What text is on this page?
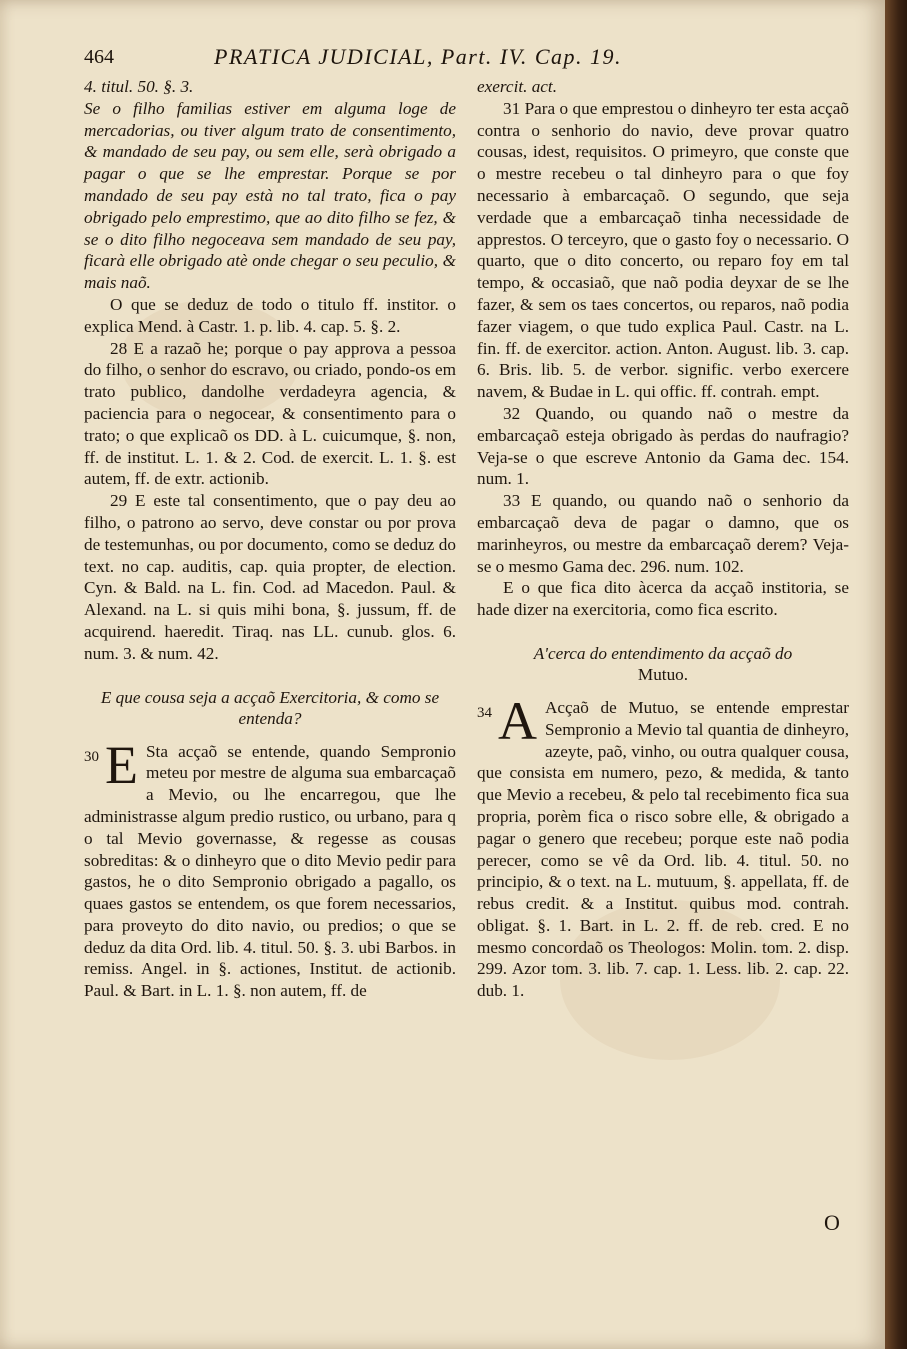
464	PRATICA JUDICIAL, Part. IV. Cap. 19.

4. titul. 50. §. 3.

Se o filho familias estiver em alguma loge de mercadorias, ou tiver algum trato de consentimento, & mandado de seu pay, ou sem elle, serà obrigado a pagar o que se lhe emprestar. Porque se por mandado de seu pay està no tal trato, fica o pay obrigado pelo emprestimo, que ao dito filho se fez, & se o dito filho negoceava sem mandado de seu pay, ficarà elle obrigado atè onde chegar o seu peculio, & mais naõ.

O que se deduz de todo o titulo ff. institor. o explica Mend. à Castr. 1. p. lib. 4. cap. 5. §. 2.

28 E a razaõ he; porque o pay approva a pessoa do filho, o senhor do escravo, ou criado, pondo-os em trato publico, dandolhe verdadeyra agencia, & paciencia para o negocear, & consentimento para o trato; o que explicaõ os DD. à L. cuicumque, §. non, ff. de institut. L. 1. & 2. Cod. de exercit. L. 1. §. est autem, ff. de extr. actionib.

29 E este tal consentimento, que o pay deu ao filho, o patrono ao servo, deve constar ou por prova de testemunhas, ou por documento, como se deduz do text. no cap. auditis, cap. quia propter, de election. Cyn. & Bald. na L. fin. Cod. ad Macedon. Paul. & Alexand. na L. si quis mihi bona, §. jussum, ff. de acquirend. haeredit. Tiraq. nas LL. cunub. glos. 6. num. 3. & num. 42.

E que cousa seja a acçaõ Exercitoria, & como se entenda?

30 E Sta acçaõ se entende, quando Sempronio meteu por mestre de alguma sua embarcaçaõ a Mevio, ou lhe encarregou, que lhe administrasse algum predio rustico, ou urbano, para q o tal Mevio governasse, & regesse as cousas sobreditas: & o dinheyro que o dito Mevio pedir para gastos, he o dito Sempronio obrigado a pagallo, os quaes gastos se entendem, os que forem necessarios, para proveyto do dito navio, ou predios; o que se deduz da dita Ord. lib. 4. titul. 50. §. 3. ubi Barbos. in remiss. Angel. in §. actiones, Institut. de actionib. Paul. & Bart. in L. 1. §. non autem, ff. de

exercit. act.

31 Para o que emprestou o dinheyro ter esta acçaõ contra o senhorio do navio, deve provar quatro cousas, idest, requisitos. O primeyro, que conste que o mestre recebeu o tal dinheyro para o que foy necessario à embarcaçaõ. O segundo, que seja verdade que a embarcaçaõ tinha necessidade de apprestos. O terceyro, que o gasto foy o necessario. O quarto, que o dito concerto, ou reparo foy em tal tempo, & occasiaõ, que naõ podia deyxar de se lhe fazer, & sem os taes concertos, ou reparos, naõ podia fazer viagem, o que tudo explica Paul. Castr. na L. fin. ff. de exercitor. action. Anton. August. lib. 3. cap. 6. Bris. lib. 5. de verbor. signific. verbo exercere navem, & Budae in L. qui offic. ff. contrah. empt.

32 Quando, ou quando naõ o mestre da embarcaçaõ esteja obrigado às perdas do naufragio? Veja-se o que escreve Antonio da Gama dec. 154. num. 1.

33 E quando, ou quando naõ o senhorio da embarcaçaõ deva de pagar o damno, que os marinheyros, ou mestre da embarcaçaõ derem? Veja-se o mesmo Gama dec. 296. num. 102.

E o que fica dito àcerca da acçaõ institoria, se hade dizer na exercitoria, como fica escrito.

A'cerca do entendimento da acçaõ do
Mutuo.

34 A Acçaõ de Mutuo, se entende emprestar Sempronio a Mevio tal quantia de dinheyro, azeyte, paõ, vinho, ou outra qualquer cousa, que consista em numero, pezo, & medida, & tanto que Mevio a recebeu, & pelo tal recebimento fica sua propria, porèm fica o risco sobre elle, & obrigado a pagar o genero que recebeu; porque este naõ podia perecer, como se vê da Ord. lib. 4. titul. 50. no principio, & o text. na L. mutuum, §. appellata, ff. de rebus credit. & a Institut. quibus mod. contrah. obligat. §. 1. Bart. in L. 2. ff. de reb. cred. E no mesmo concordaõ os Theologos: Molin. tom. 2. disp. 299. Azor tom. 3. lib. 7. cap. 1. Less. lib. 2. cap. 22. dub. 1.

O
